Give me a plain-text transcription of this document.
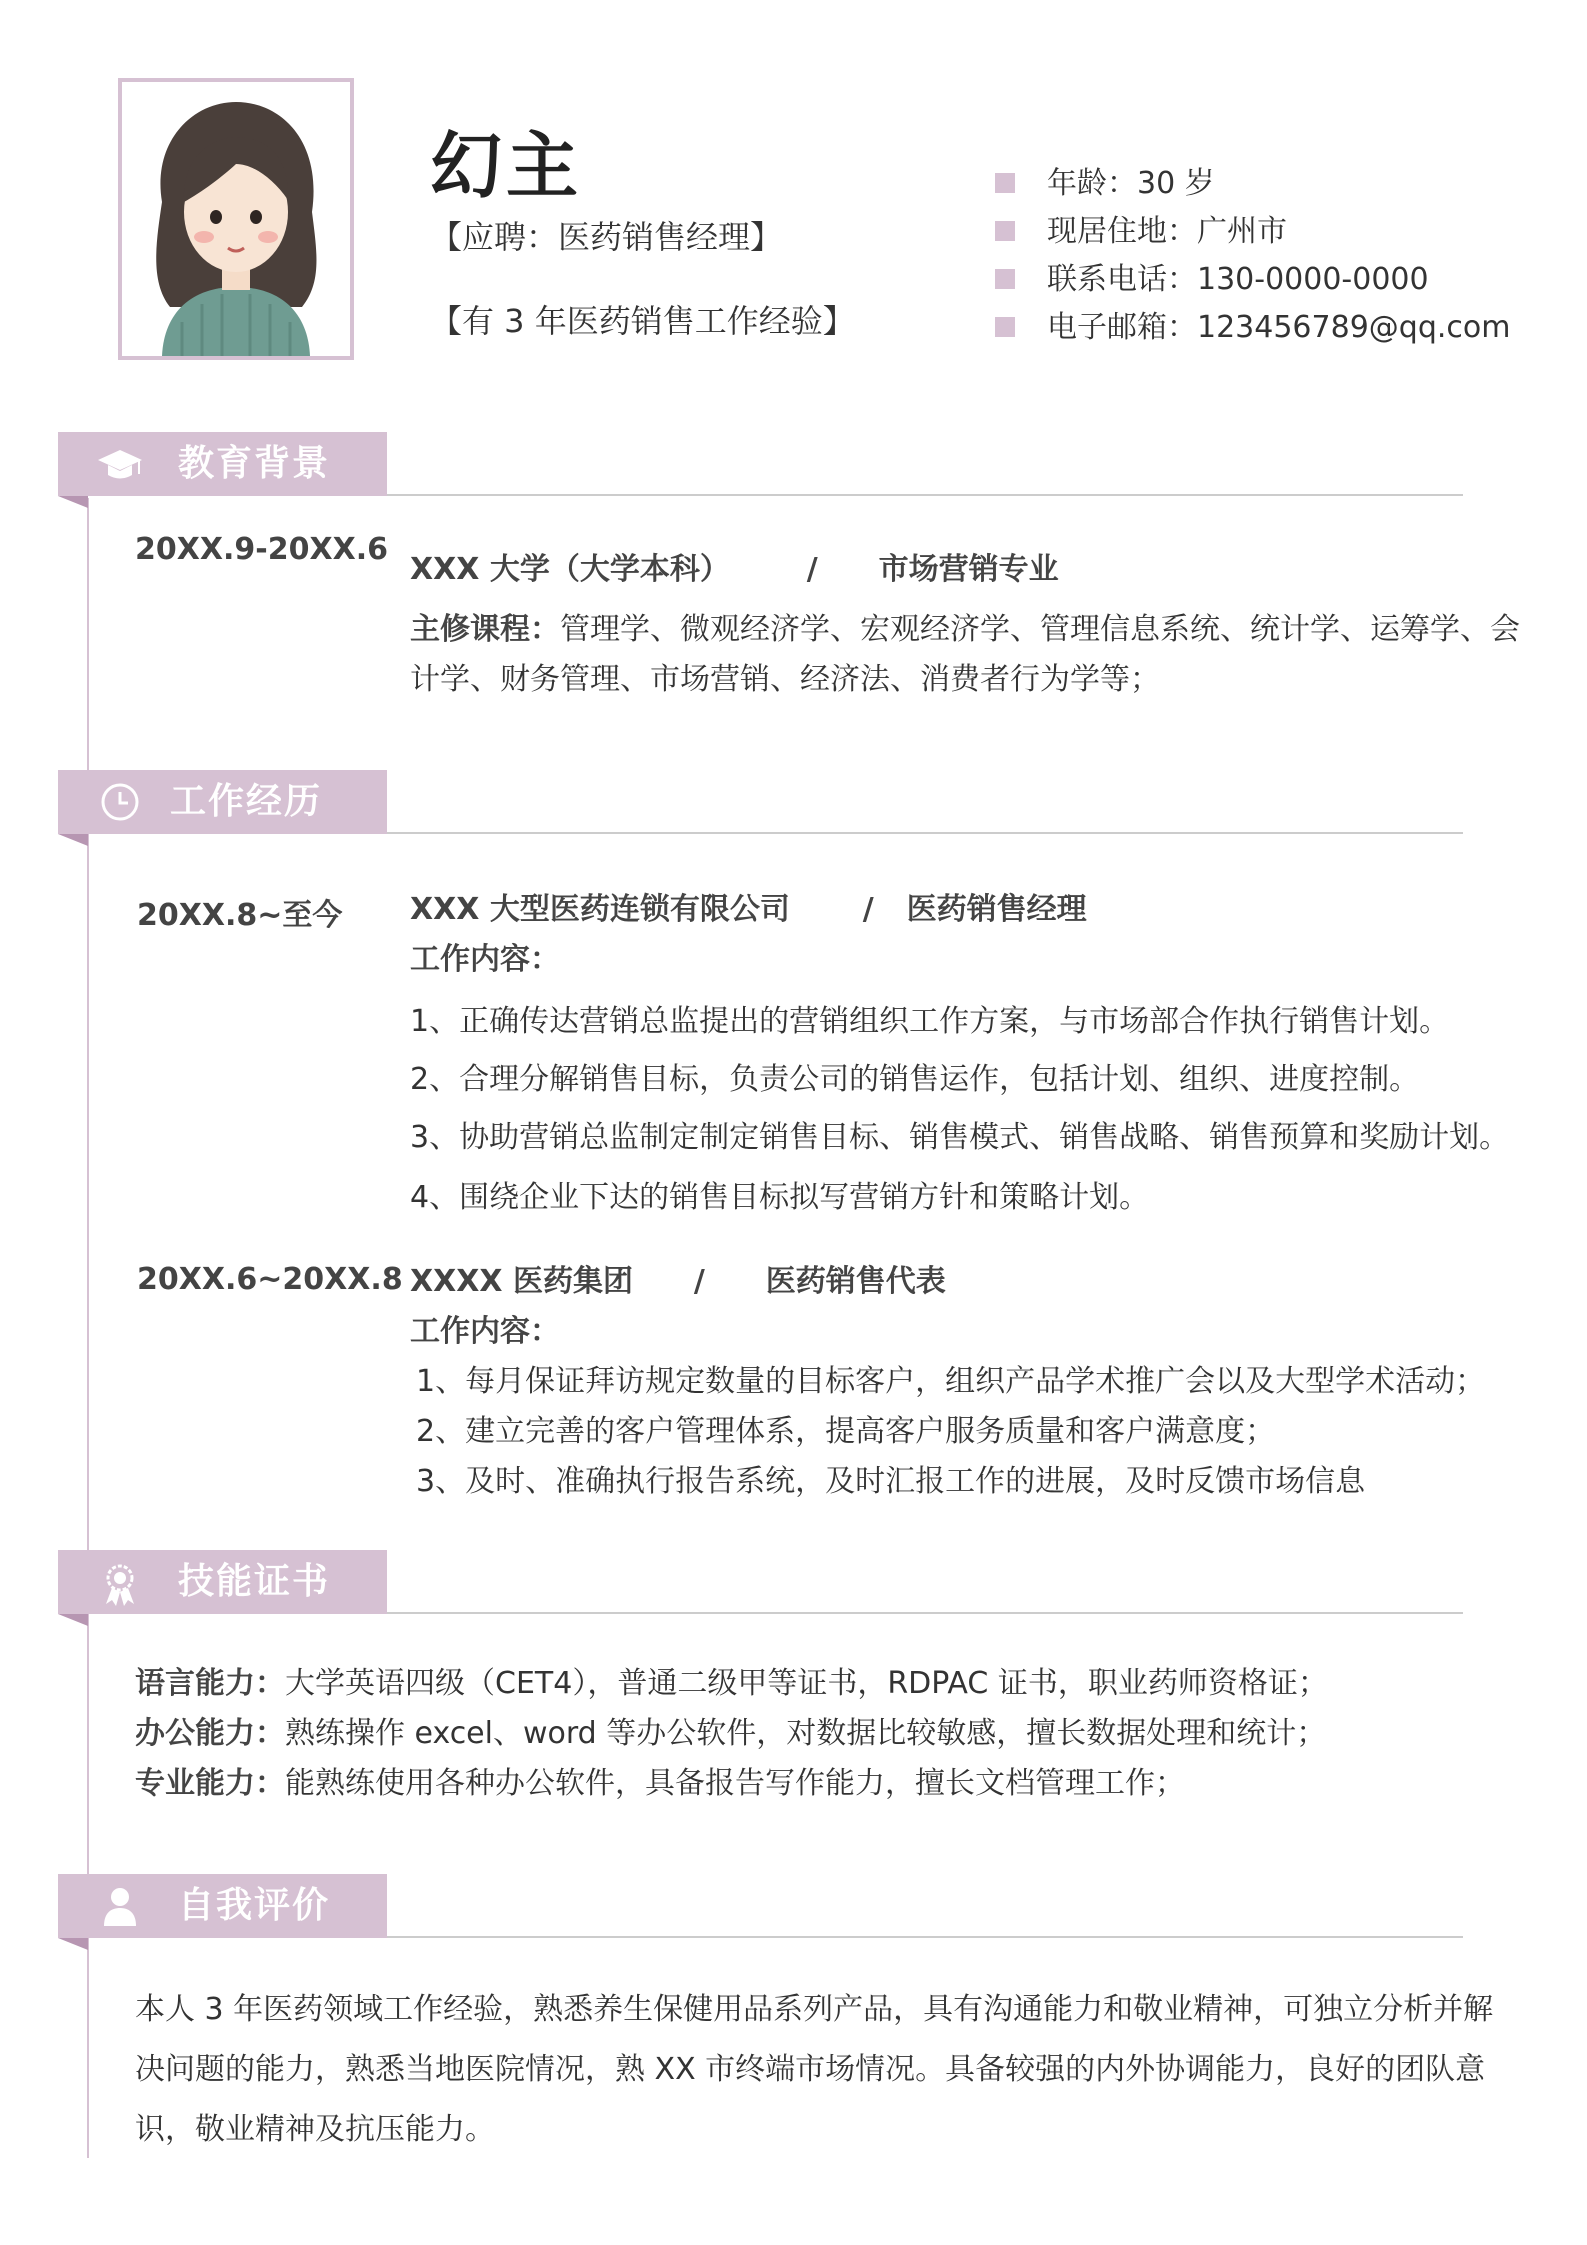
幻主
【应聘：医药销售经理】
【有 3 年医药销售工作经验】
年龄：30 岁
现居住地：广州市
联系电话：130-0000-0000
电子邮箱：123456789@qq.com
教育背景
20XX.9-20XX.6
XXX 大学（大学本科）	/ 市场营销专业
主修课程：管理学、微观经济学、宏观经济学、管理信息系统、统计学、运筹学、会
计学、财务管理、市场营销、经济法、消费者行为学等；
工作经历
20XX.8~至今 XXX 大型医药连锁有限公司 / 医药销售经理
工作内容：
1、正确传达营销总监提出的营销组织工作方案，与市场部合作执行销售计划。
2、合理分解销售目标，负责公司的销售运作，包括计划、组织、进度控制。
3、协助营销总监制定制定销售目标、销售模式、销售战略、销售预算和奖励计划。
4、围绕企业下达的销售目标拟写营销方针和策略计划。
20XX.6~20XX.8 XXXX 医药集团 / 医药销售代表
工作内容：
1、每月保证拜访规定数量的目标客户，组织产品学术推广会以及大型学术活动；
2、建立完善的客户管理体系，提高客户服务质量和客户满意度；
3、及时、准确执行报告系统，及时汇报工作的进展，及时反馈市场信息
技能证书
语言能力：大学英语四级（CET4），普通二级甲等证书，RDPAC 证书，职业药师资格证；
办公能力：熟练操作 excel、word 等办公软件，对数据比较敏感，擅长数据处理和统计；
专业能力：能熟练使用各种办公软件，具备报告写作能力，擅长文档管理工作；
自我评价
本人 3 年医药领域工作经验，熟悉养生保健用品系列产品，具有沟通能力和敬业精神，可独立分析并解
决问题的能力，熟悉当地医院情况，熟 XX 市终端市场情况。具备较强的内外协调能力，良好的团队意
识，敬业精神及抗压能力。
